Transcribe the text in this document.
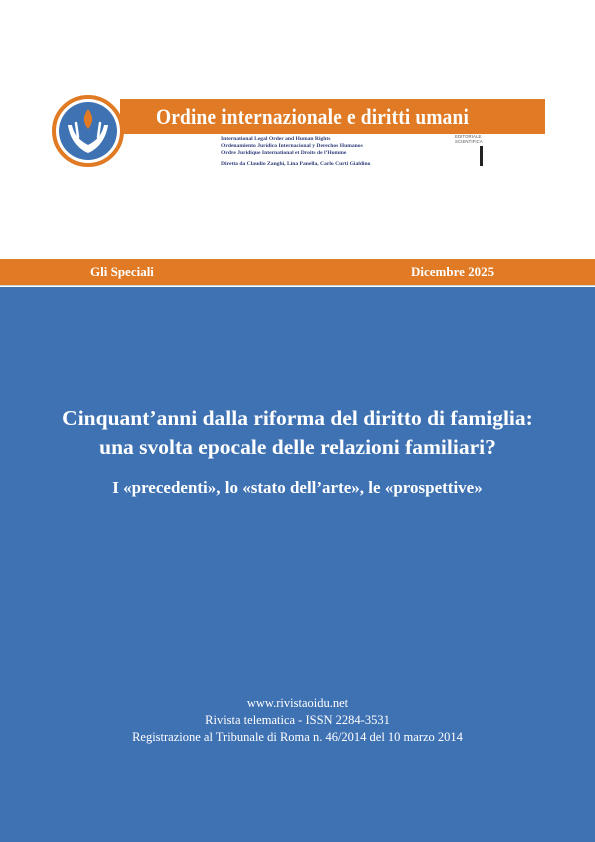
Ordine internazionale e diritti umani
International Legal Order and Human Rights
Ordenamiento Jurídico Internacional y Derechos Humanos
Ordre Juridique International et Droits de l’Homme
Diretta da Claudio Zanghì, Lina Panella, Carlo Curti Gialdino
EDITORIALE
SCIENTIFICA
Gli Speciali	Dicembre 2025
Cinquant’anni dalla riforma del diritto di famiglia:
una svolta epocale delle relazioni familiari?
I «precedenti», lo «stato dell’arte», le «prospettive»
www.rivistaoidu.net
Rivista telematica - ISSN 2284-3531
Registrazione al Tribunale di Roma n. 46/2014 del 10 marzo 2014
